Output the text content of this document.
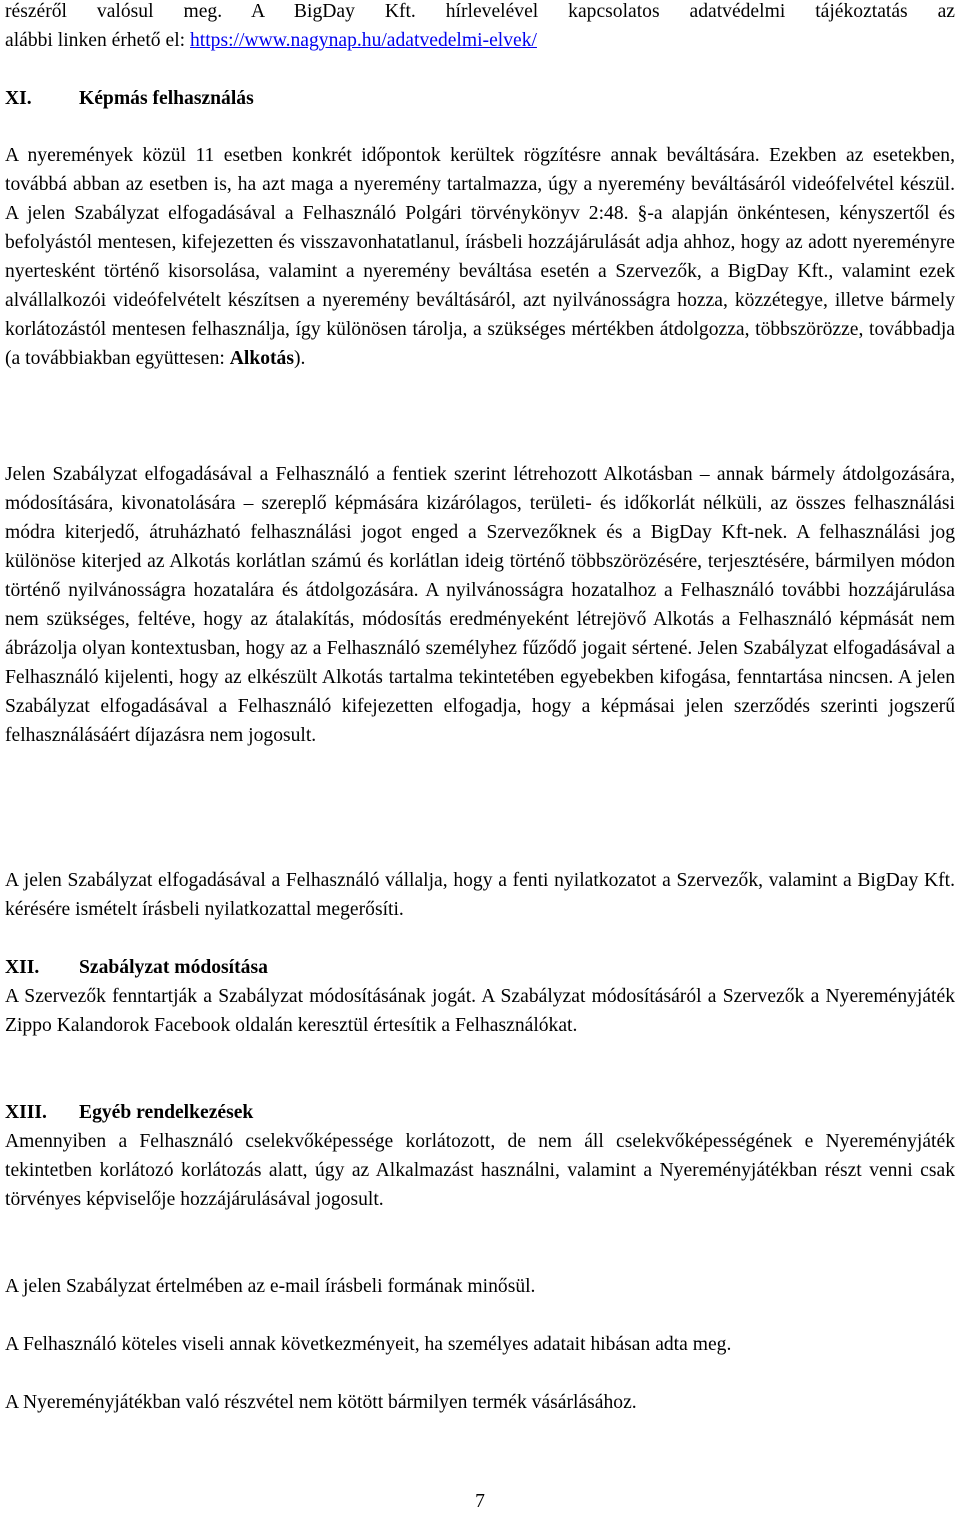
részéről valósul meg. A BigDay Kft. hírlevelével kapcsolatos adatvédelmi tájékoztatás az

alábbi linken érhető el: https://www.nagynap.hu/adatvedelmi-elvek/

XI. Képmás felhasználás

A nyeremények közül 11 esetben konkrét időpontok kerültek rögzítésre annak beváltására. Ezekben az esetekben, továbbá abban az esetben is, ha azt maga a nyeremény tartalmazza, úgy a nyeremény beváltásáról videófelvétel készül. A jelen Szabályzat elfogadásával a Felhasználó Polgári törvénykönyv 2:48. §-a alapján önkéntesen, kényszertől és befolyástól mentesen, kifejezetten és visszavonhatatlanul, írásbeli hozzájárulását adja ahhoz, hogy az adott nyereményre nyertesként történő kisorsolása, valamint a nyeremény beváltása esetén a Szervezők, a BigDay Kft., valamint ezek alvállalkozói videófelvételt készítsen a nyeremény beváltásáról, azt nyilvánosságra hozza, közzétegye, illetve bármely korlátozástól mentesen felhasználja, így különösen tárolja, a szükséges mértékben átdolgozza, többszörözze, továbbadja (a továbbiakban együttesen: Alkotás).

Jelen Szabályzat elfogadásával a Felhasználó a fentiek szerint létrehozott Alkotásban – annak bármely átdolgozására, módosítására, kivonatolására – szereplő képmására kizárólagos, területi- és időkorlát nélküli, az összes felhasználási módra kiterjedő, átruházható felhasználási jogot enged a Szervezőknek és a BigDay Kft-nek. A felhasználási jog különöse kiterjed az Alkotás korlátlan számú és korlátlan ideig történő többszörözésére, terjesztésére, bármilyen módon történő nyilvánosságra hozatalára és átdolgozására. A nyilvánosságra hozatalhoz a Felhasználó további hozzájárulása nem szükséges, feltéve, hogy az átalakítás, módosítás eredményeként létrejövő Alkotás a Felhasználó képmását nem ábrázolja olyan kontextusban, hogy az a Felhasználó személyhez fűződő jogait sértené. Jelen Szabályzat elfogadásával a Felhasználó kijelenti, hogy az elkészült Alkotás tartalma tekintetében egyebekben kifogása, fenntartása nincsen. A jelen Szabályzat elfogadásával a Felhasználó kifejezetten elfogadja, hogy a képmásai jelen szerződés szerinti jogszerű felhasználásáért díjazásra nem jogosult.

A jelen Szabályzat elfogadásával a Felhasználó vállalja, hogy a fenti nyilatkozatot a Szervezők, valamint a BigDay Kft. kérésére ismételt írásbeli nyilatkozattal megerősíti.

XII. Szabályzat módosítása

A Szervezők fenntartják a Szabályzat módosításának jogát. A Szabályzat módosításáról a Szervezők a Nyereményjáték Zippo Kalandorok Facebook oldalán keresztül értesítik a Felhasználókat.

XIII. Egyéb rendelkezések

Amennyiben a Felhasználó cselekvőképessége korlátozott, de nem áll cselekvőképességének e Nyereményjáték tekintetben korlátozó korlátozás alatt, úgy az Alkalmazást használni, valamint a Nyereményjátékban részt venni csak törvényes képviselője hozzájárulásával jogosult.

A jelen Szabályzat értelmében az e-mail írásbeli formának minősül.

A Felhasználó köteles viseli annak következményeit, ha személyes adatait hibásan adta meg.

A Nyereményjátékban való részvétel nem kötött bármilyen termék vásárlásához.

7
